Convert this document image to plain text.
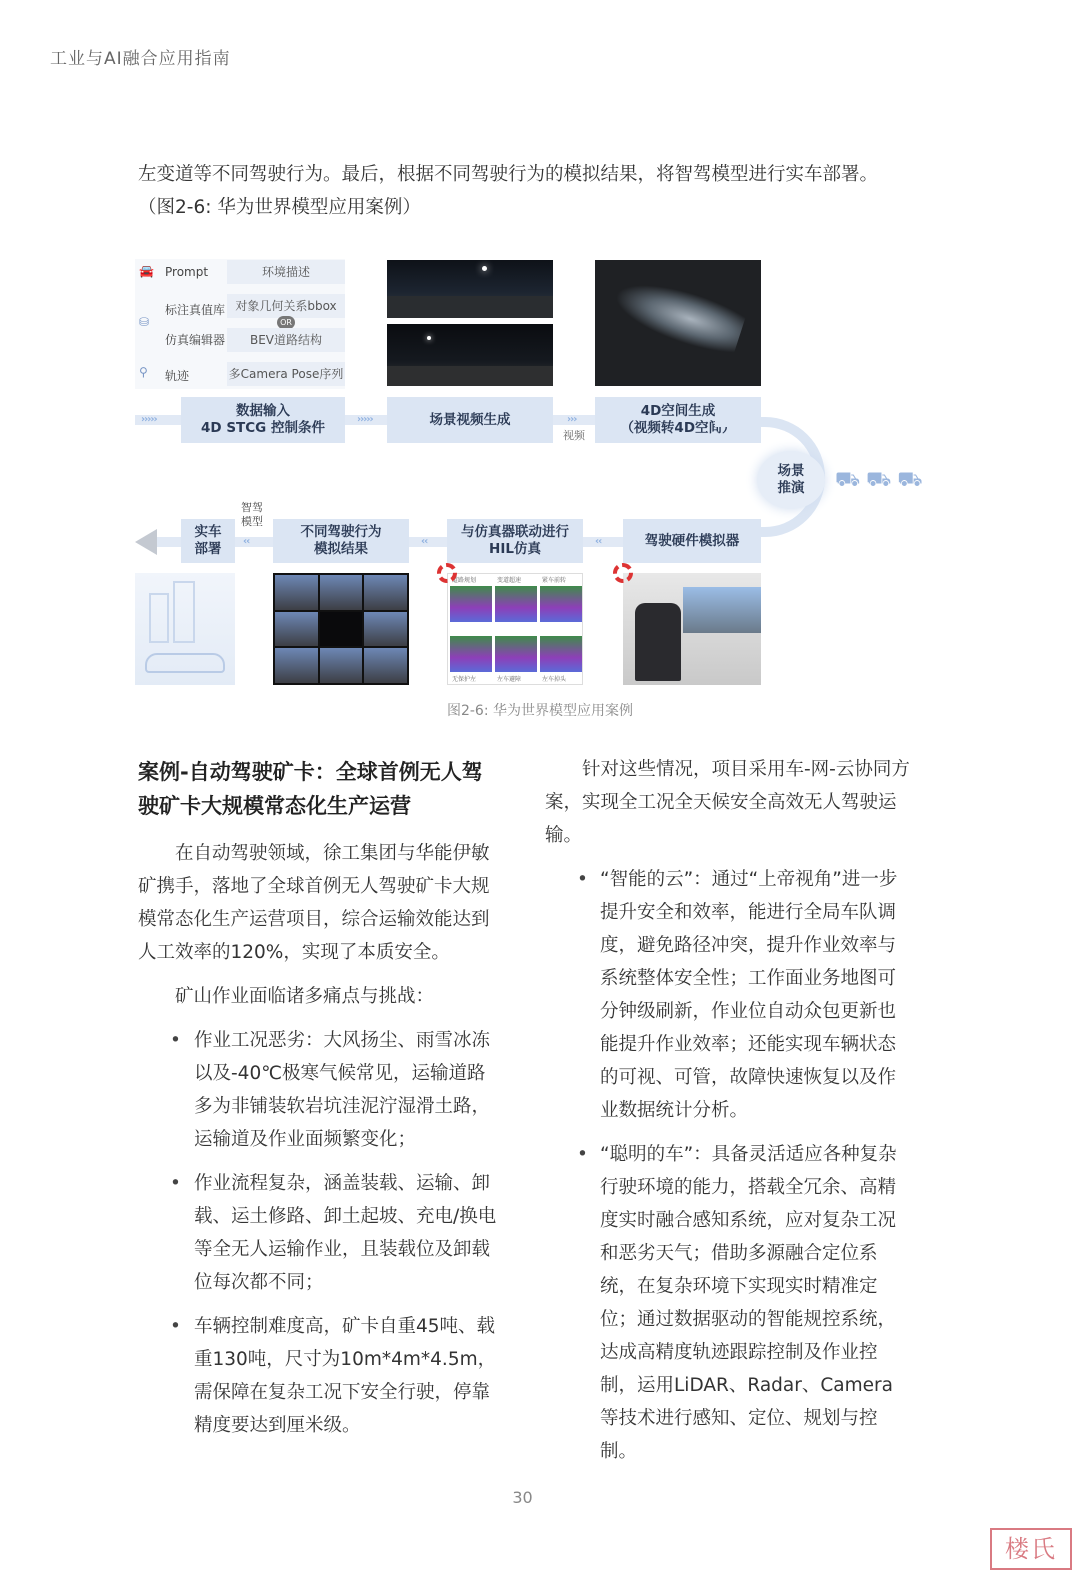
工业与AI融合应用指南
左变道等不同驾驶行为。最后，根据不同驾驶行为的模拟结果，将智驾模型进行实车部署。
（图2-6: 华为世界模型应用案例）
🚘 Prompt	环境描述
⛁
标注真值库 对象几何关系bbox
OR
仿真编辑器	BEV道路结构
⚲ 轨迹	多Camera Pose序列
›››››	›››››	›››
数据输入
4D STCG 控制条件
场景视频生成
视频
4D空间生成
（视频转4D空间）
场景
推演	⛟⛟⛟
实车
部署
智驾
模型
不同驾驶行为
模拟结果
与仿真器联动进行
HIL仿真
驾驶硬件模拟器
‹‹	‹‹	‹‹
道路规划	变道超速	紧车前转
无保护左	左车避障	左车掉头
图2-6: 华为世界模型应用案例
案例-自动驾驶矿卡：全球首例无人驾驶矿卡大规模常态化生产运营
在自动驾驶领域，徐工集团与华能伊敏矿携手，落地了全球首例无人驾驶矿卡大规模常态化生产运营项目，综合运输效能达到人工效率的120%，实现了本质安全。
矿山作业面临诸多痛点与挑战：
• 作业工况恶劣：大风扬尘、雨雪冰冻以及-40℃极寒气候常见，运输道路多为非铺装软岩坑洼泥泞湿滑土路，运输道及作业面频繁变化；
• 作业流程复杂，涵盖装载、运输、卸载、运土修路、卸土起坡、充电/换电等全无人运输作业，且装载位及卸载位每次都不同；
• 车辆控制难度高，矿卡自重45吨、载重130吨，尺寸为10m*4m*4.5m，需保障在复杂工况下安全行驶，停靠精度要达到厘米级。
针对这些情况，项目采用车-网-云协同方案，实现全工况全天候安全高效无人驾驶运输。
• “智能的云”：通过“上帝视角”进一步提升安全和效率，能进行全局车队调度，避免路径冲突，提升作业效率与系统整体安全性；工作面业务地图可分钟级刷新，作业位自动众包更新也能提升作业效率；还能实现车辆状态的可视、可管，故障快速恢复以及作业数据统计分析。
• “聪明的车”：具备灵活适应各种复杂行驶环境的能力，搭载全冗余、高精度实时融合感知系统，应对复杂工况和恶劣天气；借助多源融合定位系统，在复杂环境下实现实时精准定位；通过数据驱动的智能规控系统，达成高精度轨迹跟踪控制及作业控制，运用LiDAR、Radar、Camera等技术进行感知、定位、规划与控制。
30
楼氏
